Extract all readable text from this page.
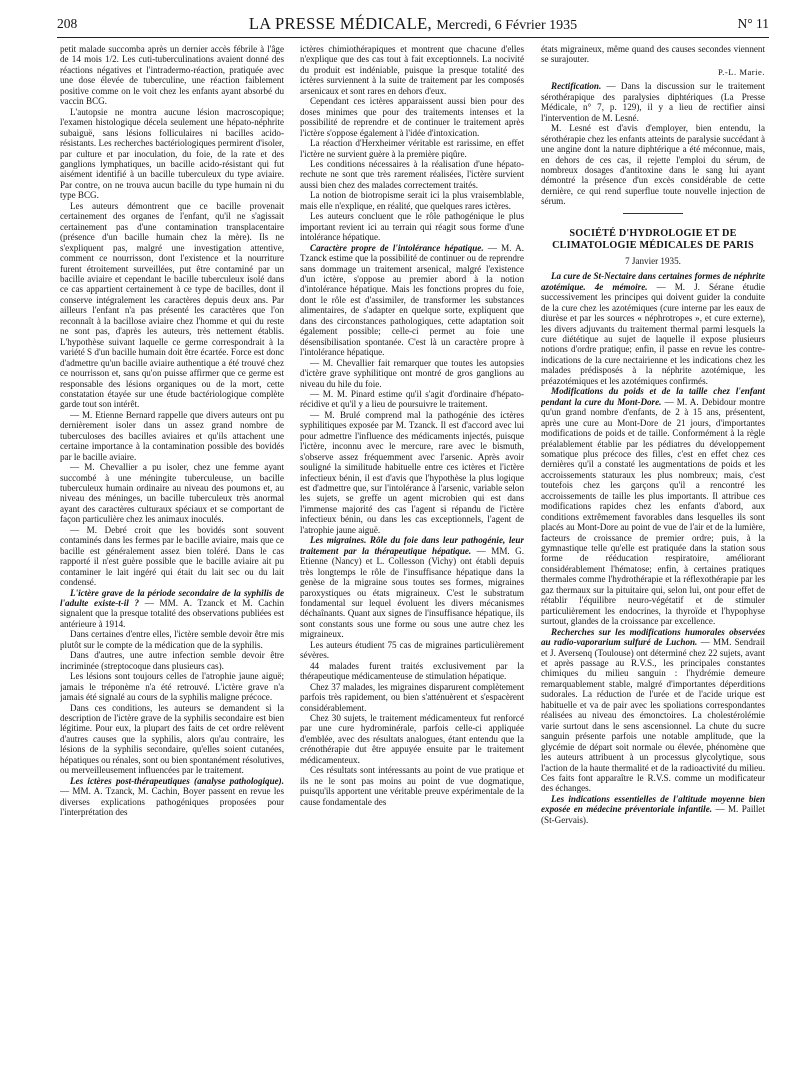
208	LA PRESSE MÉDICALE, Mercredi, 6 Février 1935	N° 11

petit malade succomba après un dernier accès fébrile à l'âge de 14 mois 1/2. Les cuti-tuberculinations avaient donné des réactions négatives et l'intradermo-réaction, pratiquée avec une dose élevée de tuberculine, une réaction faiblement positive comme on le voit chez les enfants ayant absorbé du vaccin BCG.

L'autopsie ne montra aucune lésion macroscopique; l'examen histologique décela seulement une hépato-néphrite subaiguë, sans lésions folliculaires ni bacilles acido-résistants. Les recherches bactériologiques permirent d'isoler, par culture et par inoculation, du foie, de la rate et des ganglions lymphatiques, un bacille acido-résistant qui fut aisément identifié à un bacille tuberculeux du type aviaire. Par contre, on ne trouva aucun bacille du type humain ni du type BCG.

Les auteurs démontrent que ce bacille provenait certainement des organes de l'enfant, qu'il ne s'agissait certainement pas d'une contamination transplacentaire (présence d'un bacille humain chez la mère). Ils ne s'expliquent pas, malgré une investigation attentive, comment ce nourrisson, dont l'existence et la nourriture furent étroitement surveillées, put être contaminé par un bacille aviaire et cependant le bacille tuberculeux isolé dans ce cas appartient certainement à ce type de bacilles, dont il conserve intégralement les caractères depuis deux ans. Par ailleurs l'enfant n'a pas présenté les caractères que l'on reconnaît à la bacillose aviaire chez l'homme et qui du reste ne sont pas, d'après les auteurs, très nettement établis. L'hypothèse suivant laquelle ce germe correspondrait à la variété S d'un bacille humain doit être écartée. Force est donc d'admettre qu'un bacille aviaire authentique a été trouvé chez ce nourrisson et, sans qu'on puisse affirmer que ce germe est responsable des lésions organiques ou de la mort, cette constatation étayée sur une étude bactériologique complète garde tout son intérêt.

— M. Etienne Bernard rappelle que divers auteurs ont pu dernièrement isoler dans un assez grand nombre de tuberculoses des bacilles aviaires et qu'ils attachent une certaine importance à la contamination possible des bovidés par le bacille aviaire.

— M. Chevallier a pu isoler, chez une femme ayant succombé à une méningite tuberculeuse, un bacille tuberculeux humain ordinaire au niveau des poumons et, au niveau des méninges, un bacille tuberculeux très anormal ayant des caractères culturaux spéciaux et se comportant de façon particulière chez les animaux inoculés.

— M. Debré croit que les bovidés sont souvent contaminés dans les fermes par le bacille aviaire, mais que ce bacille est généralement assez bien toléré. Dans le cas rapporté il n'est guère possible que le bacille aviaire ait pu contaminer le lait ingéré qui était du lait sec ou du lait condensé.

L'ictère grave de la période secondaire de la syphilis de l'adulte existe-t-il ? — MM. A. Tzanck et M. Cachin signalent que la presque totalité des observations publiées est antérieure à 1914.

Dans certaines d'entre elles, l'ictère semble devoir être mis plutôt sur le compte de la médication que de la syphilis.

Dans d'autres, une autre infection semble devoir être incriminée (streptocoque dans plusieurs cas).

Les lésions sont toujours celles de l'atrophie jaune aiguë; jamais le tréponème n'a été retrouvé. L'ictère grave n'a jamais été signalé au cours de la syphilis maligne précoce.

Dans ces conditions, les auteurs se demandent si la description de l'ictère grave de la syphilis secondaire est bien légitime. Pour eux, la plupart des faits de cet ordre relèvent d'autres causes que la syphilis, alors qu'au contraire, les lésions de la syphilis secondaire, qu'elles soient cutanées, hépatiques ou rénales, sont ou bien spontanément résolutives, ou merveilleusement influencées par le traitement.

Les ictères post-thérapeutiques (analyse pathologique). — MM. A. Tzanck, M. Cachin, Boyer passent en revue les diverses explications pathogéniques proposées pour l'interprétation des

ictères chimiothérapiques et montrent que chacune d'elles n'explique que des cas tout à fait exceptionnels. La nocivité du produit est indéniable, puisque la presque totalité des ictères surviennent à la suite de traitement par les composés arsenicaux et sont rares en dehors d'eux.

Cependant ces ictères apparaissent aussi bien pour des doses minimes que pour des traitements intenses et la possibilité de reprendre et de continuer le traitement après l'ictère s'oppose également à l'idée d'intoxication.

La réaction d'Herxheimer véritable est rarissime, en effet l'ictère ne survient guère à la première piqûre.

Les conditions nécessaires à la réalisation d'une hépato-rechute ne sont que très rarement réalisées, l'ictère survient aussi bien chez des malades correctement traités.

La notion de biotropisme serait ici la plus vraisemblable, mais elle n'explique, en réalité, que quelques rares ictères.

Les auteurs concluent que le rôle pathogénique le plus important revient ici au terrain qui réagit sous forme d'une intolérance hépatique.

Caractère propre de l'intolérance hépatique. — M. A. Tzanck estime que la possibilité de continuer ou de reprendre sans dommage un traitement arsenical, malgré l'existence d'un ictère, s'oppose au premier abord à la notion d'intolérance hépatique. Mais les fonctions propres du foie, dont le rôle est d'assimiler, de transformer les substances alimentaires, de s'adapter en quelque sorte, expliquent que dans des circonstances pathologiques, cette adaptation soit également possible; celle-ci permet au foie une désensibilisation spontanée. C'est là un caractère propre à l'intolérance hépatique.

— M. Chevallier fait remarquer que toutes les autopsies d'ictère grave syphilitique ont montré de gros ganglions au niveau du hile du foie.

— M. M. Pinard estime qu'il s'agit d'ordinaire d'hépato-récidive et qu'il y a lieu de poursuivre le traitement.

— M. Brulé comprend mal la pathogénie des ictères syphilitiques exposée par M. Tzanck. Il est d'accord avec lui pour admettre l'influence des médicaments injectés, puisque l'ictère, inconnu avec le mercure, rare avec le bismuth, s'observe assez fréquemment avec l'arsenic. Après avoir souligné la similitude habituelle entre ces ictères et l'ictère infectieux bénin, il est d'avis que l'hypothèse la plus logique est d'admettre que, sur l'intolérance à l'arsenic, variable selon les sujets, se greffe un agent microbien qui est dans l'immense majorité des cas l'agent si répandu de l'ictère infectieux bénin, ou dans les cas exceptionnels, l'agent de l'atrophie jaune aiguë.

Les migraines. Rôle du foie dans leur pathogénie, leur traitement par la thérapeutique hépatique. — MM. G. Etienne (Nancy) et L. Collesson (Vichy) ont établi depuis très longtemps le rôle de l'insuffisance hépatique dans la genèse de la migraine sous toutes ses formes, migraines paroxystiques ou états migraineux. C'est le substratum fondamental sur lequel évoluent les divers mécanismes déchaînants. Quant aux signes de l'insuffisance hépatique, ils sont constants sous une forme ou sous une autre chez les migraineux.

Les auteurs étudient 75 cas de migraines particulièrement sévères.

44 malades furent traités exclusivement par la thérapeutique médicamenteuse de stimulation hépatique.

Chez 37 malades, les migraines disparurent complètement parfois très rapidement, ou bien s'atténuèrent et s'espacèrent considérablement.

Chez 30 sujets, le traitement médicamenteux fut renforcé par une cure hydrominérale, parfois celle-ci appliquée d'emblée, avec des résultats analogues, étant entendu que la crénothérapie dut être appuyée ensuite par le traitement médicamenteux.

Ces résultats sont intéressants au point de vue pratique et ils ne le sont pas moins au point de vue dogmatique, puisqu'ils apportent une véritable preuve expérimentale de la cause fondamentale des

états migraineux, même quand des causes secondes viennent se surajouter.

P.-L. Marie.

Rectification. — Dans la discussion sur le traitement sérothérapique des paralysies diphtériques (La Presse Médicale, n° 7, p. 129), il y a lieu de rectifier ainsi l'intervention de M. Lesné.

M. Lesné est d'avis d'employer, bien entendu, la sérothérapie chez les enfants atteints de paralysie succédant à une angine dont la nature diphtérique a été méconnue, mais, en dehors de ces cas, il rejette l'emploi du sérum, de nombreux dosages d'antitoxine dans le sang lui ayant démontré la présence d'un excès considérable de cette dernière, ce qui rend superflue toute nouvelle injection de sérum.

SOCIÉTÉ D'HYDROLOGIE ET DE CLIMATOLOGIE MÉDICALES DE PARIS

7 Janvier 1935.

La cure de St-Nectaire dans certaines formes de néphrite azotémique. 4e mémoire. — M. J. Sérane étudie successivement les principes qui doivent guider la conduite de la cure chez les azotémiques (cure interne par les eaux de diurèse et par les sources « néphrotropes », et cure externe), les divers adjuvants du traitement thermal parmi lesquels la cure diététique au sujet de laquelle il expose plusieurs notions d'ordre pratique; enfin, il passe en revue les contre-indications de la cure nectairienne et les indications chez les malades prédisposés à la néphrite azotémique, les préazotémiques et les azotémiques confirmés.

Modifications du poids et de la taille chez l'enfant pendant la cure du Mont-Dore. — M. A. Debidour montre qu'un grand nombre d'enfants, de 2 à 15 ans, présentent, après une cure au Mont-Dore de 21 jours, d'importantes modifications de poids et de taille. Conformément à la règle préalablement établie par les pédiatres du développement somatique plus précoce des filles, c'est en effet chez ces dernières qu'il a constaté les augmentations de poids et les accroissements staturaux les plus nombreux; mais, c'est toutefois chez les garçons qu'il a rencontré les accroissements de taille les plus importants. Il attribue ces modifications rapides chez les enfants d'abord, aux conditions extrêmement favorables dans lesquelles ils sont placés au Mont-Dore au point de vue de l'air et de la lumière, facteurs de croissance de premier ordre; puis, à la gymnastique telle qu'elle est pratiquée dans la station sous forme de rééducation respiratoire, améliorant considérablement l'hématose; enfin, à certaines pratiques thermales comme l'hydrothérapie et la réflexothérapie par les gaz thermaux sur la pituitaire qui, selon lui, ont pour effet de rétablir l'équilibre neuro-végétatif et de stimuler particulièrement les endocrines, la thyroïde et l'hypophyse surtout, glandes de la croissance par excellence.

Recherches sur les modifications humorales observées au radio-vaporarium sulfuré de Luchon. — MM. Sendrail et J. Aversenq (Toulouse) ont déterminé chez 22 sujets, avant et après passage au R.V.S., les principales constantes chimiques du milieu sanguin : l'hydrémie demeure remarquablement stable, malgré d'importantes déperditions sudorales. La réduction de l'urée et de l'acide urique est habituelle et va de pair avec les spoliations correspondantes réalisées au niveau des émonctoires. La cholestérolémie varie surtout dans le sens ascensionnel. La chute du sucre sanguin présente parfois une notable amplitude, que la glycémie de départ soit normale ou élevée, phénomène que les auteurs attribuent à un processus glycolytique, sous l'action de la haute thermalité et de la radioactivité du milieu. Ces faits font apparaître le R.V.S. comme un modificateur des échanges.

Les indications essentielles de l'altitude moyenne bien exposée en médecine préventoriale infantile. — M. Paillet (St-Gervais).
